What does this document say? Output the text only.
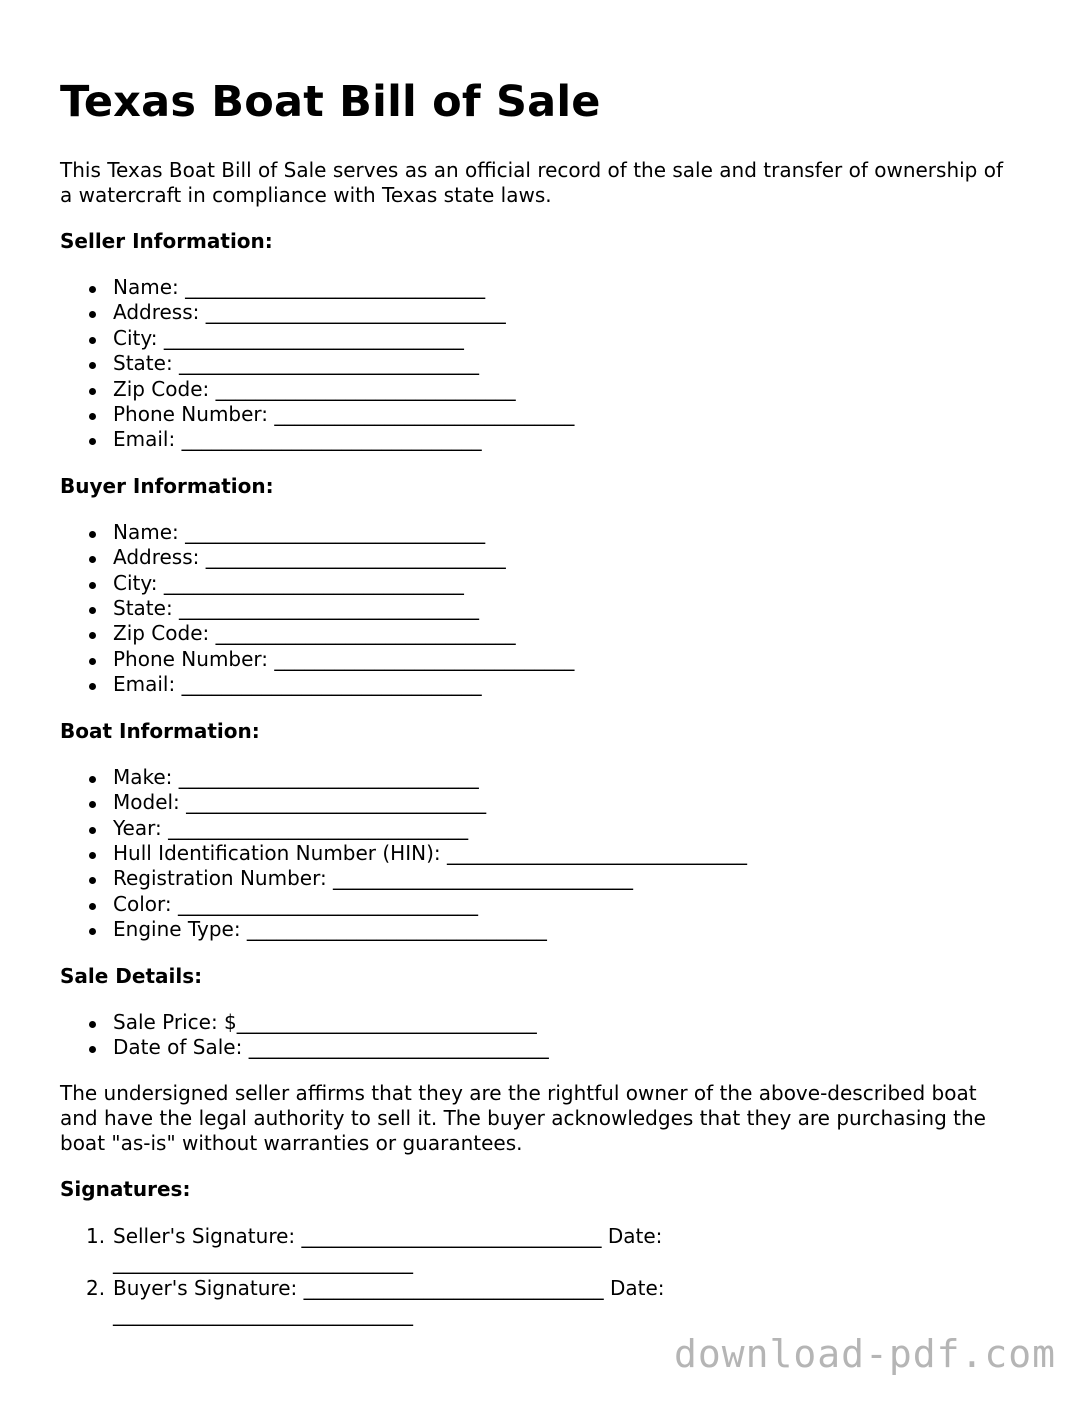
Texas Boat Bill of Sale

This Texas Boat Bill of Sale serves as an official record of the sale and transfer of ownership of a watercraft in compliance with Texas state laws.

Seller Information:
Name: ______________________________
Address: ______________________________
City: ______________________________
State: ______________________________
Zip Code: ______________________________
Phone Number: ______________________________
Email: ______________________________
Buyer Information:
Name: ______________________________
Address: ______________________________
City: ______________________________
State: ______________________________
Zip Code: ______________________________
Phone Number: ______________________________
Email: ______________________________
Boat Information:
Make: ______________________________
Model: ______________________________
Year: ______________________________
Hull Identification Number (HIN): ______________________________
Registration Number: ______________________________
Color: ______________________________
Engine Type: ______________________________
Sale Details:
Sale Price: $______________________________
Date of Sale: ______________________________

The undersigned seller affirms that they are the rightful owner of the above-described boat and have the legal authority to sell it. The buyer acknowledges that they are purchasing the boat "as-is" without warranties or guarantees.

Signatures:
1. Seller's Signature: ______________________________ Date: ______________________________
2. Buyer's Signature: ______________________________ Date: ______________________________
download-pdf.com
